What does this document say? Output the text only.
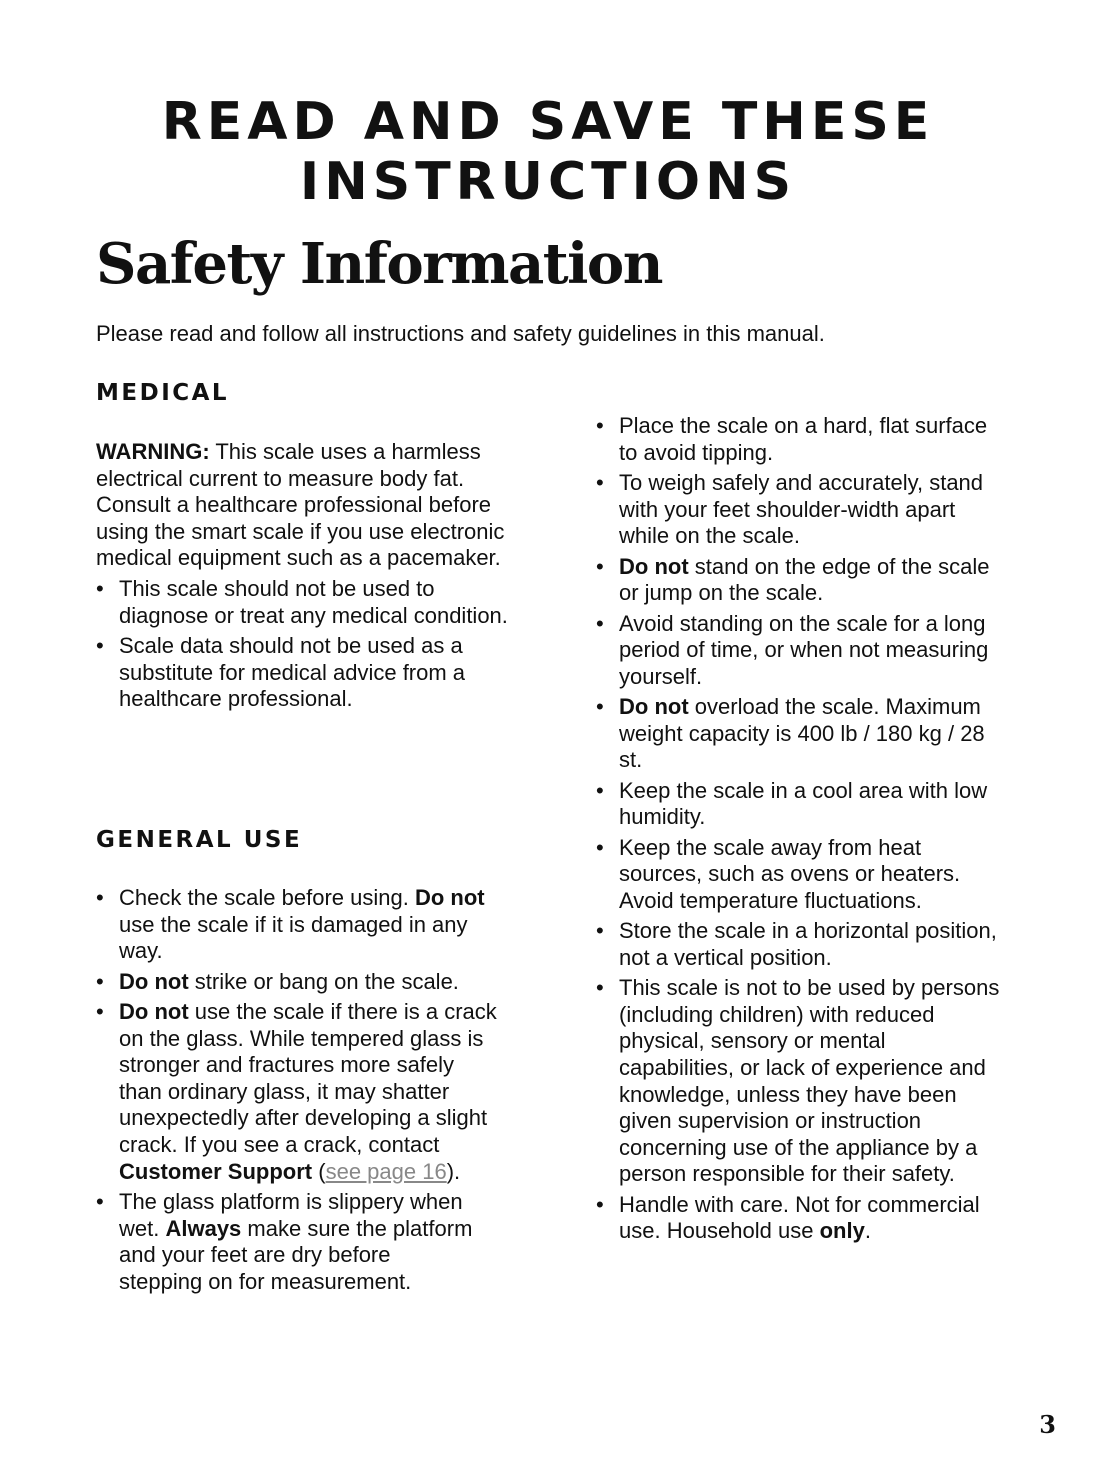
READ AND SAVE THESE
INSTRUCTIONS
Safety Information

Please read and follow all instructions and safety guidelines in this manual.

MEDICAL

WARNING: This scale uses a harmless electrical current to measure body fat. Consult a healthcare professional before using the smart scale if you use electronic medical equipment such as a pacemaker.

• This scale should not be used to diagnose or treat any medical condition.
• Scale data should not be used as a substitute for medical advice from a healthcare professional.
GENERAL USE
• Check the scale before using. Do not use the scale if it is damaged in any way.
• Do not strike or bang on the scale.
• Do not use the scale if there is a crack on the glass. While tempered glass is stronger and fractures more safely than ordinary glass, it may shatter unexpectedly after developing a slight crack. If you see a crack, contact Customer Support (see page 16).
• The glass platform is slippery when wet. Always make sure the platform and your feet are dry before stepping on for measurement.
• Place the scale on a hard, flat surface to avoid tipping.
• To weigh safely and accurately, stand with your feet shoulder-width apart while on the scale.
• Do not stand on the edge of the scale or jump on the scale.
• Avoid standing on the scale for a long period of time, or when not measuring yourself.
• Do not overload the scale. Maximum weight capacity is 400 lb / 180 kg / 28 st.
• Keep the scale in a cool area with low humidity.
• Keep the scale away from heat sources, such as ovens or heaters. Avoid temperature fluctuations.
• Store the scale in a horizontal position, not a vertical position.
• This scale is not to be used by persons (including children) with reduced physical, sensory or mental capabilities, or lack of experience and knowledge, unless they have been given supervision or instruction concerning use of the appliance by a person responsible for their safety.
• Handle with care. Not for commercial use. Household use only.
3
